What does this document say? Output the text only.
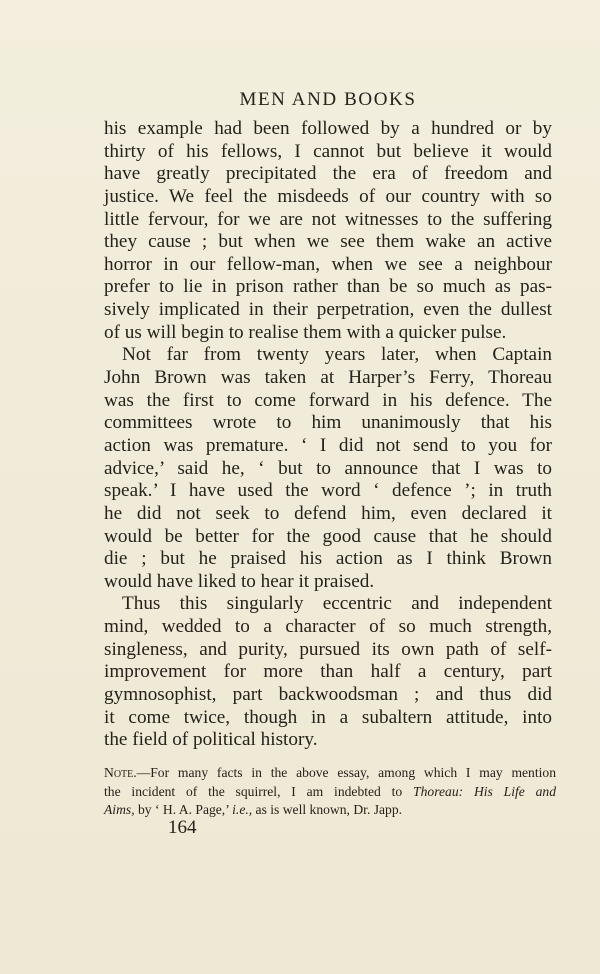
MEN AND BOOKS
his example had been followed by a hundred or by
thirty of his fellows, I cannot but believe it would
have greatly precipitated the era of freedom and
justice. We feel the misdeeds of our country with so
little fervour, for we are not witnesses to the suffering
they cause ; but when we see them wake an active
horror in our fellow-man, when we see a neighbour
prefer to lie in prison rather than be so much as pas-
sively implicated in their perpetration, even the dullest
of us will begin to realise them with a quicker pulse.
Not far from twenty years later, when Captain
John Brown was taken at Harper’s Ferry, Thoreau
was the first to come forward in his defence. The
committees wrote to him unanimously that his
action was premature. ‘ I did not send to you for
advice,’ said he, ‘ but to announce that I was to
speak.’ I have used the word ‘ defence ’; in truth
he did not seek to defend him, even declared it
would be better for the good cause that he should
die ; but he praised his action as I think Brown
would have liked to hear it praised.
Thus this singularly eccentric and independent
mind, wedded to a character of so much strength,
singleness, and purity, pursued its own path of self-
improvement for more than half a century, part
gymnosophist, part backwoodsman ; and thus did
it come twice, though in a subaltern attitude, into
the field of political history.
Note.—For many facts in the above essay, among which I may mention
the incident of the squirrel, I am indebted to Thoreau: His Life and
Aims, by ‘ H. A. Page,’ i.e., as is well known, Dr. Japp.
164
